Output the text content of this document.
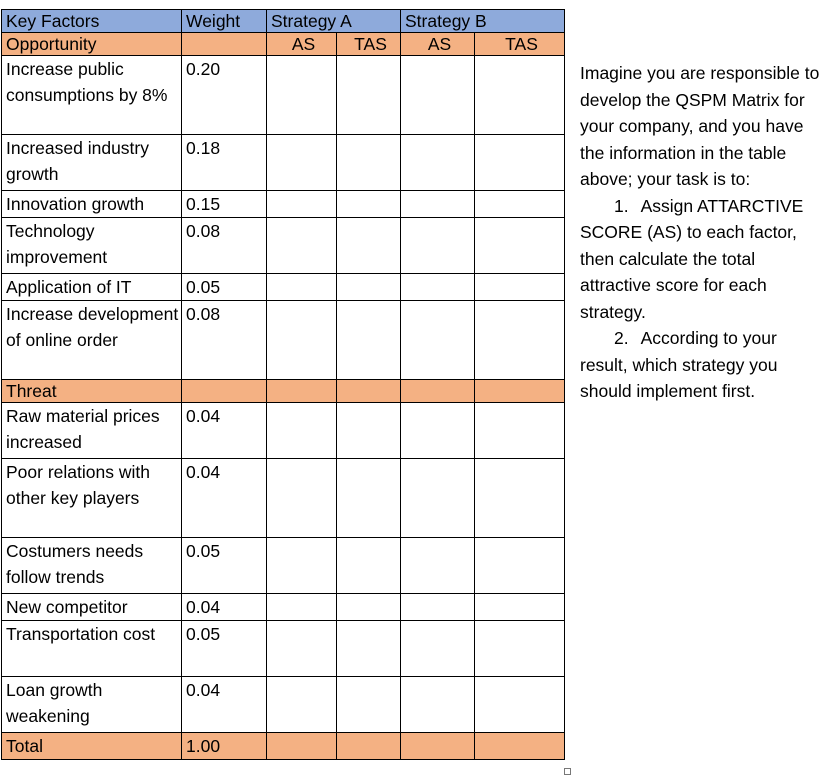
Key Factors	Weight	Strategy A		Strategy B	
Opportunity		AS	TAS	AS	TAS
Increase public consumptions by 8%	0.20				
Increased industry growth	0.18				
Innovation growth	0.15				
Technology improvement	0.08				
Application of IT	0.05				
Increase development of online order	0.08				
Threat					
Raw material prices increased	0.04				
Poor relations with other key players	0.04				
Costumers needs follow trends	0.05				
New competitor	0.04				
Transportation cost	0.05				
Loan growth weakening	0.04				
Total	1.00				

Imagine you are responsible to develop the QSPM Matrix for your company, and you have the information in the table above; your task is to:

1. Assign ATTARCTIVE SCORE (AS) to each factor, then calculate the total attractive score for each strategy.
2. According to your result, which strategy you should implement first.
